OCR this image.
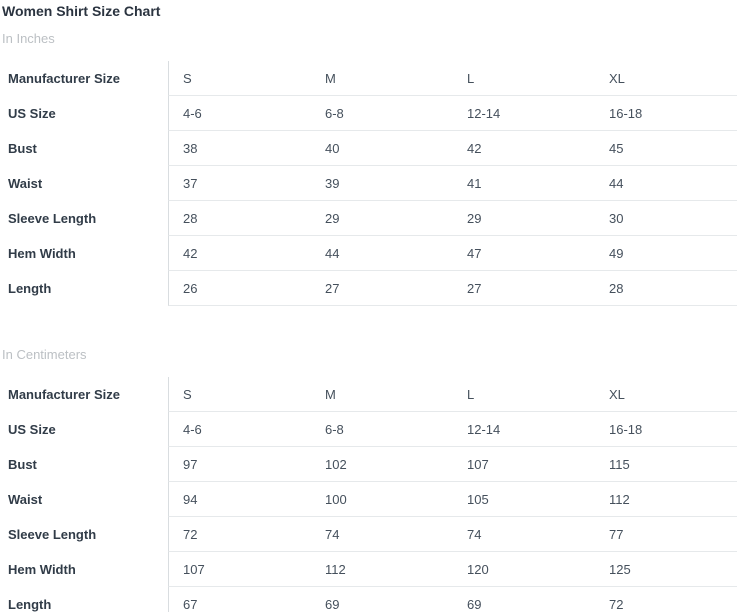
Women Shirt Size Chart
In Inches
Manufacturer Size	S	M	L	XL
US Size	4-6	6-8	12-14	16-18
Bust	38	40	42	45
Waist	37	39	41	44
Sleeve Length	28	29	29	30
Hem Width	42	44	47	49
Length	26	27	27	28
In Centimeters
Manufacturer Size	S	M	L	XL
US Size	4-6	6-8	12-14	16-18
Bust	97	102	107	115
Waist	94	100	105	112
Sleeve Length	72	74	74	77
Hem Width	107	112	120	125
Length	67	69	69	72
